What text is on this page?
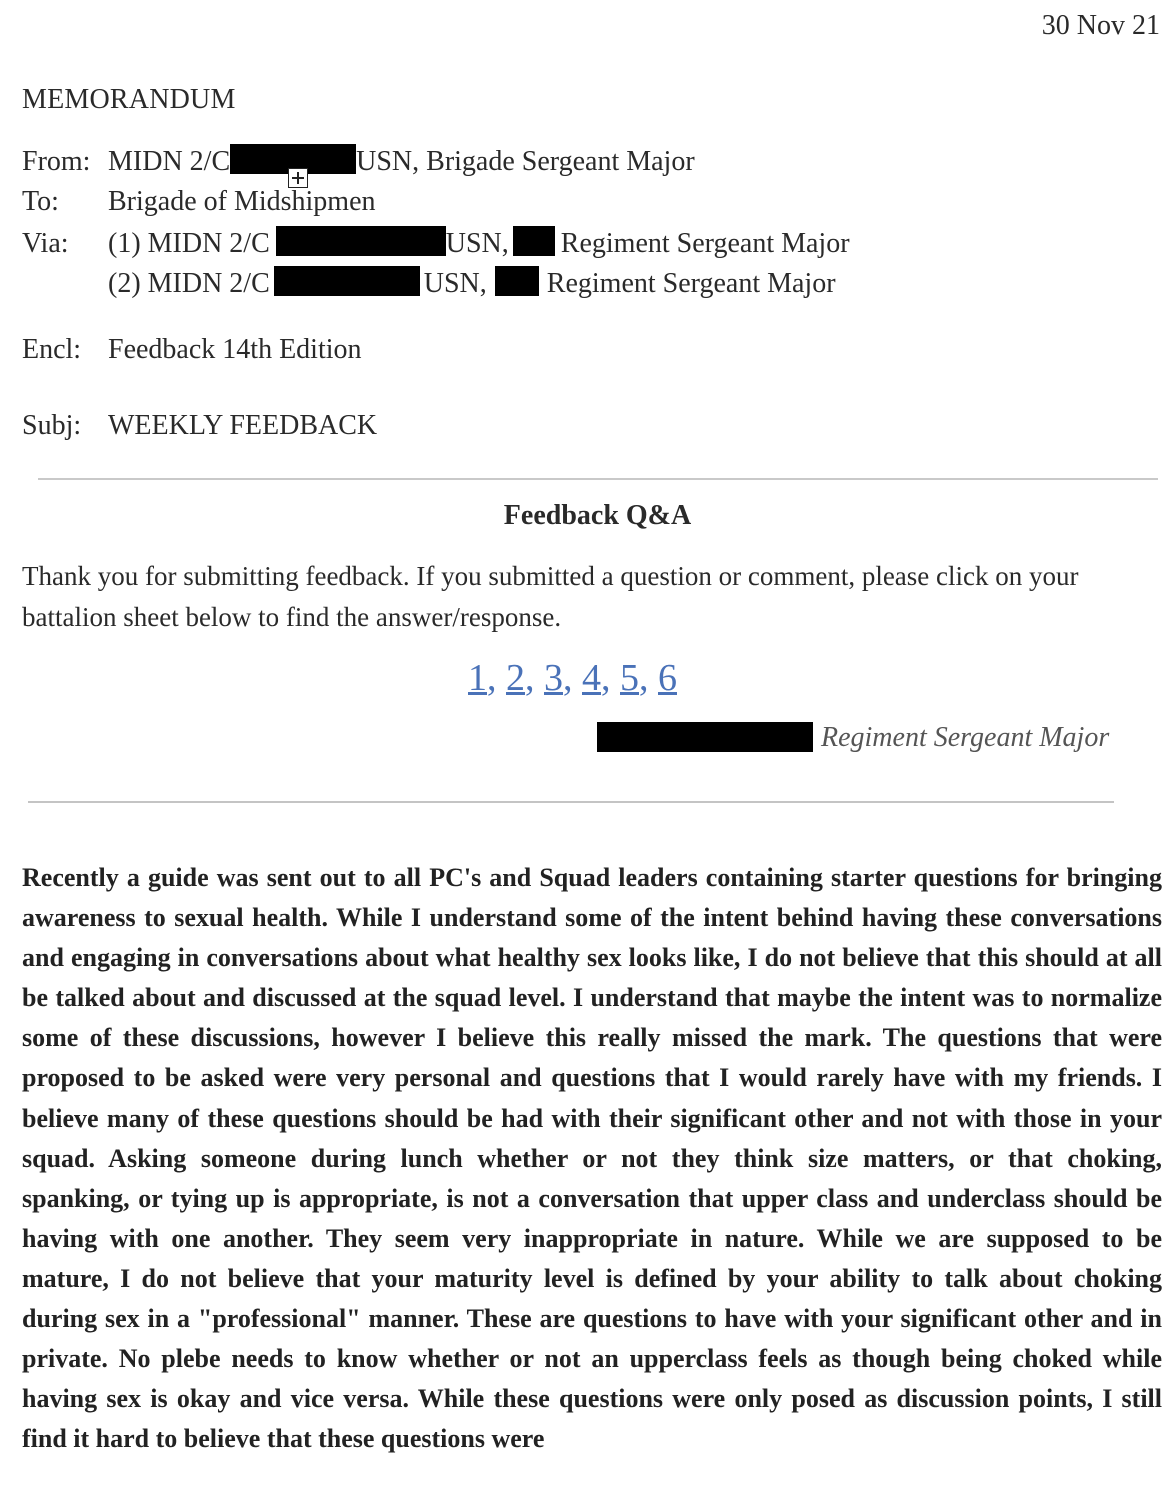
30 Nov 21
MEMORANDUM
From: MIDN 2/C	USN, Brigade Sergeant Major
To: Brigade of Midshipmen
Via: (1) MIDN 2/C	USN, Regiment Sergeant Major
(2) MIDN 2/C	USN, Regiment Sergeant Major
Encl: Feedback 14th Edition
Subj: WEEKLY FEEDBACK
Feedback Q&A
Thank you for submitting feedback. If you submitted a question or comment, please click on your battalion sheet below to find the answer/response.
1, 2, 3, 4, 5, 6
Regiment Sergeant Major
Recently a guide was sent out to all PC's and Squad leaders containing starter questions for bringing awareness to sexual health. While I understand some of the intent behind having these conversations and engaging in conversations about what healthy sex looks like, I do not believe that this should at all be talked about and discussed at the squad level. I understand that maybe the intent was to normalize some of these discussions, however I believe this really missed the mark. The questions that were proposed to be asked were very personal and questions that I would rarely have with my friends. I believe many of these questions should be had with their significant other and not with those in your squad. Asking someone during lunch whether or not they think size matters, or that choking, spanking, or tying up is appropriate, is not a conversation that upper class and underclass should be having with one another. They seem very inappropriate in nature. While we are supposed to be mature, I do not believe that your maturity level is defined by your ability to talk about choking during sex in a "professional" manner. These are questions to have with your significant other and in private. No plebe needs to know whether or not an upperclass feels as though being choked while having sex is okay and vice versa. While these questions were only posed as discussion points, I still find it hard to believe that these questions were
